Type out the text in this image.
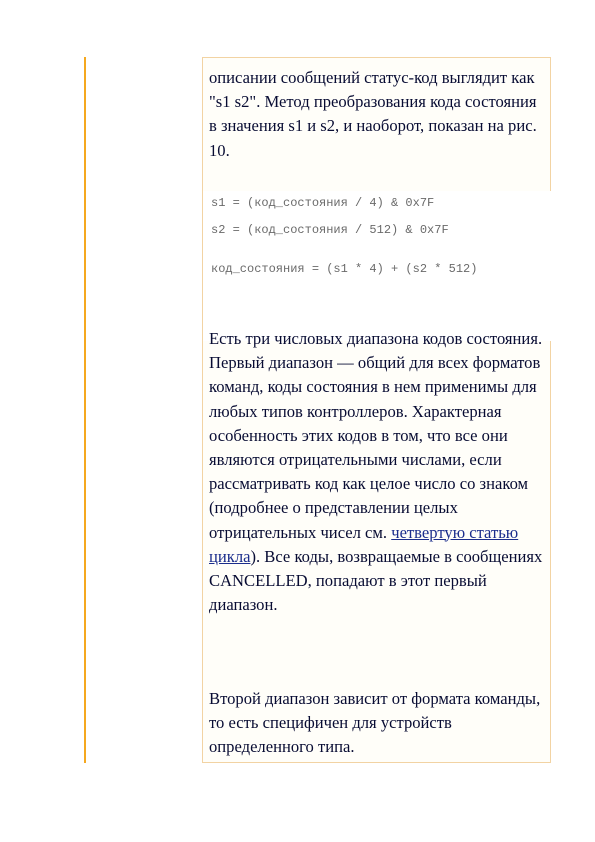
описании сообщений статус-код выглядит как "s1 s2". Метод преобразования кода состояния в значения s1 и s2, и наоборот, показан на рис. 10.

s1 = (код_состояния / 4) & 0x7F
s2 = (код_состояния / 512) & 0x7F
код_состояния = (s1 * 4) + (s2 * 512)

Есть три числовых диапазона кодов состояния. Первый диапазон — общий для всех форматов команд, коды состояния в нем применимы для любых типов контроллеров. Характерная особенность этих кодов в том, что все они являются отрицательными числами, если рассматривать код как целое число со знаком (подробнее о представлении целых отрицательных чисел см. четвертую статью цикла). Все коды, возвращаемые в сообщениях CANCELLED, попадают в этот первый диапазон.

Второй диапазон зависит от формата команды, то есть специфичен для устройств определенного типа.
